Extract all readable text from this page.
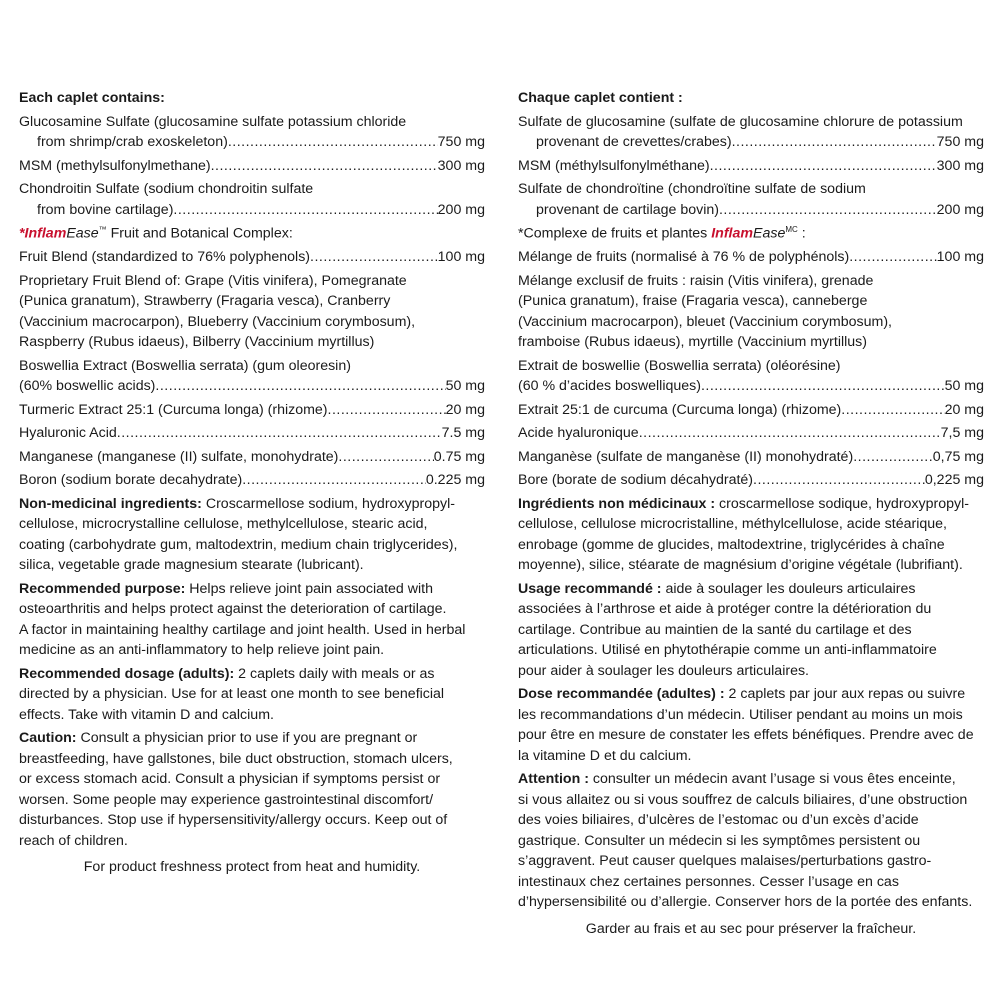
Each caplet contains:
Glucosamine Sulfate (glucosamine sulfate potassium chloride
from shrimp/crab exoskeleton) .....	750 mg
MSM (methylsulfonylmethane) .....	300 mg
Chondroitin Sulfate (sodium chondroitin sulfate
from bovine cartilage) .....	200 mg
*InflamEase™ Fruit and Botanical Complex:
Fruit Blend (standardized to 76% polyphenols) .....	100 mg
Proprietary Fruit Blend of: Grape (Vitis vinifera), Pomegranate
(Punica granatum), Strawberry (Fragaria vesca), Cranberry
(Vaccinium macrocarpon), Blueberry (Vaccinium corymbosum),
Raspberry (Rubus idaeus), Bilberry (Vaccinium myrtillus)
Boswellia Extract (Boswellia serrata) (gum oleoresin)
(60% boswellic acids) .....	50 mg
Turmeric Extract 25:1 (Curcuma longa) (rhizome) .....	20 mg
Hyaluronic Acid .....	7.5 mg
Manganese (manganese (II) sulfate, monohydrate) .....	0.75 mg
Boron (sodium borate decahydrate) .....	0.225 mg
Non-medicinal ingredients: Croscarmellose sodium, hydroxypropyl-
cellulose, microcrystalline cellulose, methylcellulose, stearic acid,
coating (carbohydrate gum, maltodextrin, medium chain triglycerides),
silica, vegetable grade magnesium stearate (lubricant).
Recommended purpose: Helps relieve joint pain associated with
osteoarthritis and helps protect against the deterioration of cartilage.
A factor in maintaining healthy cartilage and joint health. Used in herbal
medicine as an anti-inflammatory to help relieve joint pain.
Recommended dosage (adults): 2 caplets daily with meals or as
directed by a physician. Use for at least one month to see beneficial
effects. Take with vitamin D and calcium.
Caution: Consult a physician prior to use if you are pregnant or
breastfeeding, have gallstones, bile duct obstruction, stomach ulcers,
or excess stomach acid. Consult a physician if symptoms persist or
worsen. Some people may experience gastrointestinal discomfort/
disturbances. Stop use if hypersensitivity/allergy occurs. Keep out of
reach of children.
For product freshness protect from heat and humidity.
Chaque caplet contient :
Sulfate de glucosamine (sulfate de glucosamine chlorure de potassium
provenant de crevettes/crabes) .....	750 mg
MSM (méthylsulfonylméthane) .....	300 mg
Sulfate de chondroïtine (chondroïtine sulfate de sodium
provenant de cartilage bovin) .....	200 mg
*Complexe de fruits et plantes InflamEase$^{MC}$ :
Mélange de fruits (normalisé à 76 % de polyphénols) .....	100 mg
Mélange exclusif de fruits : raisin (Vitis vinifera), grenade
(Punica granatum), fraise (Fragaria vesca), canneberge
(Vaccinium macrocarpon), bleuet (Vaccinium corymbosum),
framboise (Rubus idaeus), myrtille (Vaccinium myrtillus)
Extrait de boswellie (Boswellia serrata) (oléorésine)
(60 % d’acides boswelliques) .....	50 mg
Extrait 25:1 de curcuma (Curcuma longa) (rhizome) .....	20 mg
Acide hyaluronique .....	7,5 mg
Manganèse (sulfate de manganèse (II) monohydraté) .....	0,75 mg
Bore (borate de sodium décahydraté) .....	0,225 mg
Ingrédients non médicinaux : croscarmellose sodique, hydroxypropyl-
cellulose, cellulose microcristalline, méthylcellulose, acide stéarique,
enrobage (gomme de glucides, maltodextrine, triglycérides à chaîne
moyenne), silice, stéarate de magnésium d’origine végétale (lubrifiant).
Usage recommandé : aide à soulager les douleurs articulaires
associées à l’arthrose et aide à protéger contre la détérioration du
cartilage. Contribue au maintien de la santé du cartilage et des
articulations. Utilisé en phytothérapie comme un anti-inflammatoire
pour aider à soulager les douleurs articulaires.
Dose recommandée (adultes) : 2 caplets par jour aux repas ou suivre
les recommandations d’un médecin. Utiliser pendant au moins un mois
pour être en mesure de constater les effets bénéfiques. Prendre avec de
la vitamine D et du calcium.
Attention : consulter un médecin avant l’usage si vous êtes enceinte,
si vous allaitez ou si vous souffrez de calculs biliaires, d’une obstruction
des voies biliaires, d’ulcères de l’estomac ou d’un excès d’acide
gastrique. Consulter un médecin si les symptômes persistent ou
s’aggravent. Peut causer quelques malaises/perturbations gastro-
intestinaux chez certaines personnes. Cesser l’usage en cas
d’hypersensibilité ou d’allergie. Conserver hors de la portée des enfants.
Garder au frais et au sec pour préserver la fraîcheur.
